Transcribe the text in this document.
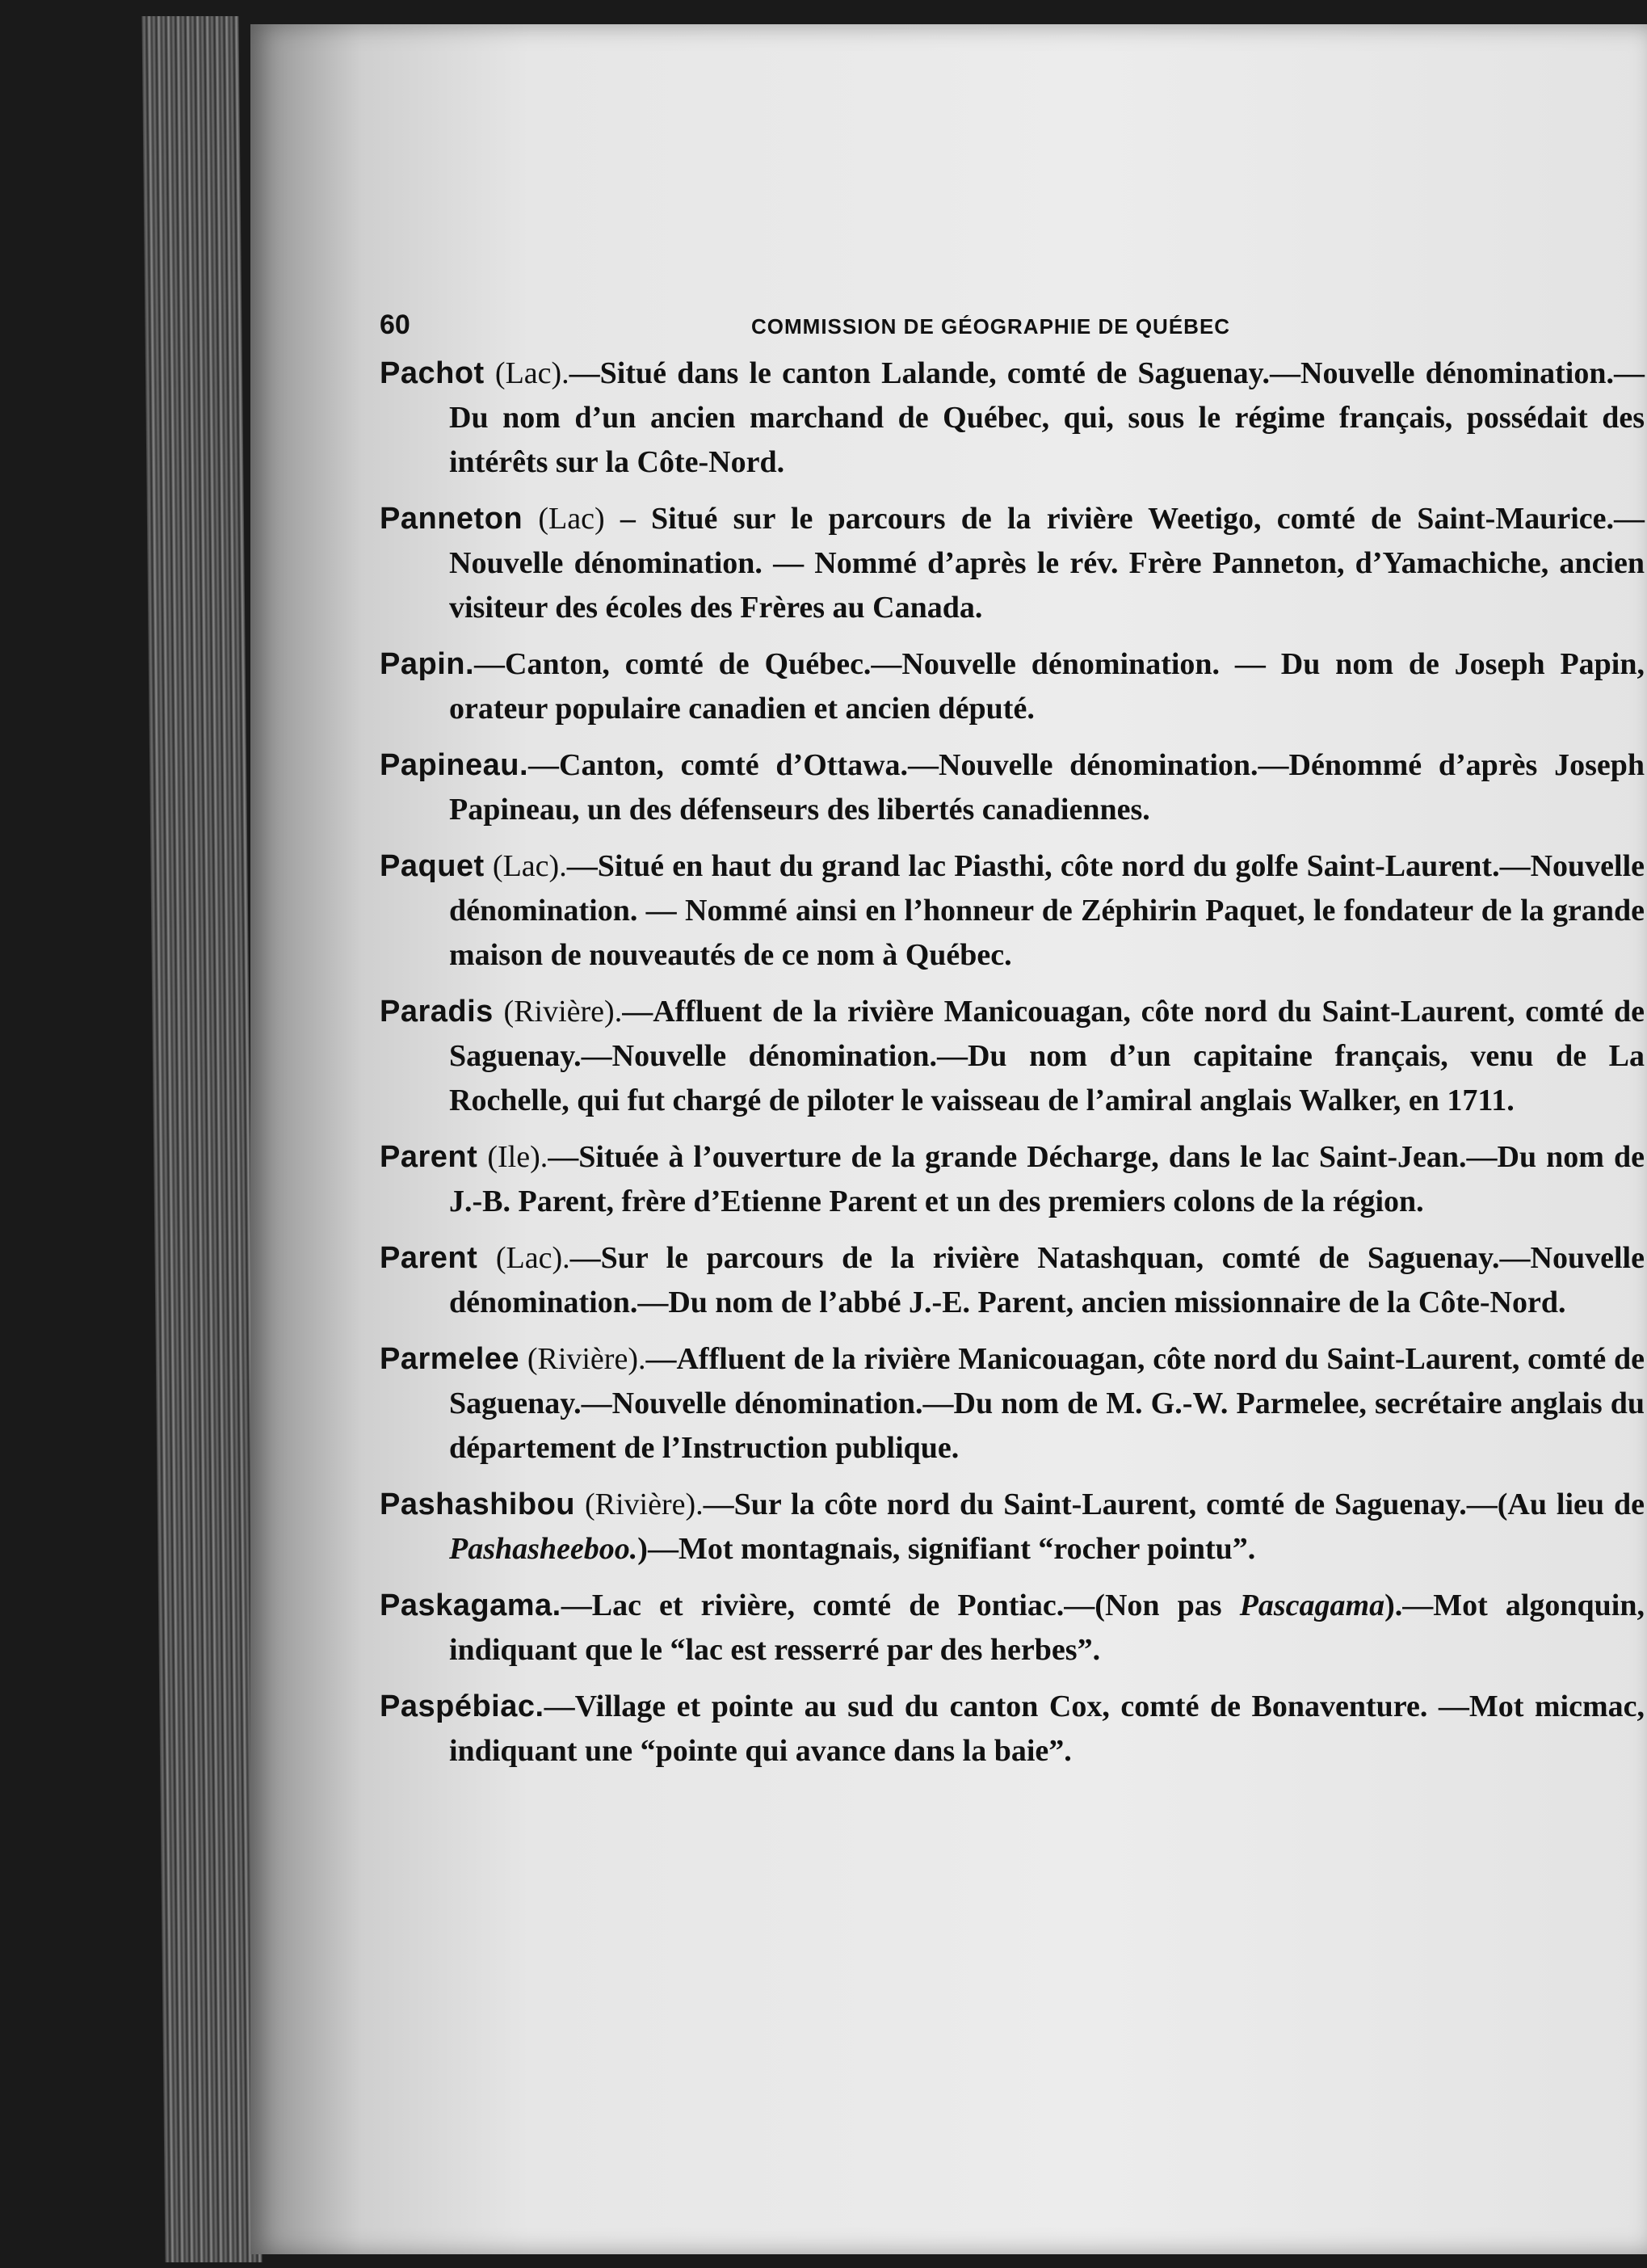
60	COMMISSION DE GÉOGRAPHIE DE QUÉBEC

Pachot (Lac).—Situé dans le canton Lalande, comté de Saguenay.—Nouvelle dénomination.—Du nom d’un ancien marchand de Québec, qui, sous le régime français, possédait des intérêts sur la Côte-Nord.

Panneton (Lac) – Situé sur le parcours de la rivière Weetigo, comté de Saint-Maurice.—Nouvelle dénomination. — Nommé d’après le rév. Frère Panneton, d’Yamachiche, ancien visiteur des écoles des Frères au Canada.

Papin.—Canton, comté de Québec.—Nouvelle dénomination. — Du nom de Joseph Papin, orateur populaire canadien et ancien député.

Papineau.—Canton, comté d’Ottawa.—Nouvelle dénomination.—Dénommé d’après Joseph Papineau, un des défenseurs des libertés canadiennes.

Paquet (Lac).—Situé en haut du grand lac Piasthi, côte nord du golfe Saint-Laurent.—Nouvelle dénomination. — Nommé ainsi en l’honneur de Zéphirin Paquet, le fondateur de la grande maison de nouveautés de ce nom à Québec.

Paradis (Rivière).—Affluent de la rivière Manicouagan, côte nord du Saint-Laurent, comté de Saguenay.—Nouvelle dénomination.—Du nom d’un capitaine français, venu de La Rochelle, qui fut chargé de piloter le vaisseau de l’amiral anglais Walker, en 1711.

Parent (Ile).—Située à l’ouverture de la grande Décharge, dans le lac Saint-Jean.—Du nom de J.-B. Parent, frère d’Etienne Parent et un des premiers colons de la région.

Parent (Lac).—Sur le parcours de la rivière Natashquan, comté de Saguenay.—Nouvelle dénomination.—Du nom de l’abbé J.-E. Parent, ancien missionnaire de la Côte-Nord.

Parmelee (Rivière).—Affluent de la rivière Manicouagan, côte nord du Saint-Laurent, comté de Saguenay.—Nouvelle dénomination.—Du nom de M. G.-W. Parmelee, secrétaire anglais du département de l’Instruction publique.

Pashashibou (Rivière).—Sur la côte nord du Saint-Laurent, comté de Saguenay.—(Au lieu de Pashasheeboo.)—Mot montagnais, signifiant “rocher pointu”.

Paskagama.—Lac et rivière, comté de Pontiac.—(Non pas Pascagama).—Mot algonquin, indiquant que le “lac est resserré par des herbes”.

Paspébiac.—Village et pointe au sud du canton Cox, comté de Bonaventure. —Mot micmac, indiquant une “pointe qui avance dans la baie”.
